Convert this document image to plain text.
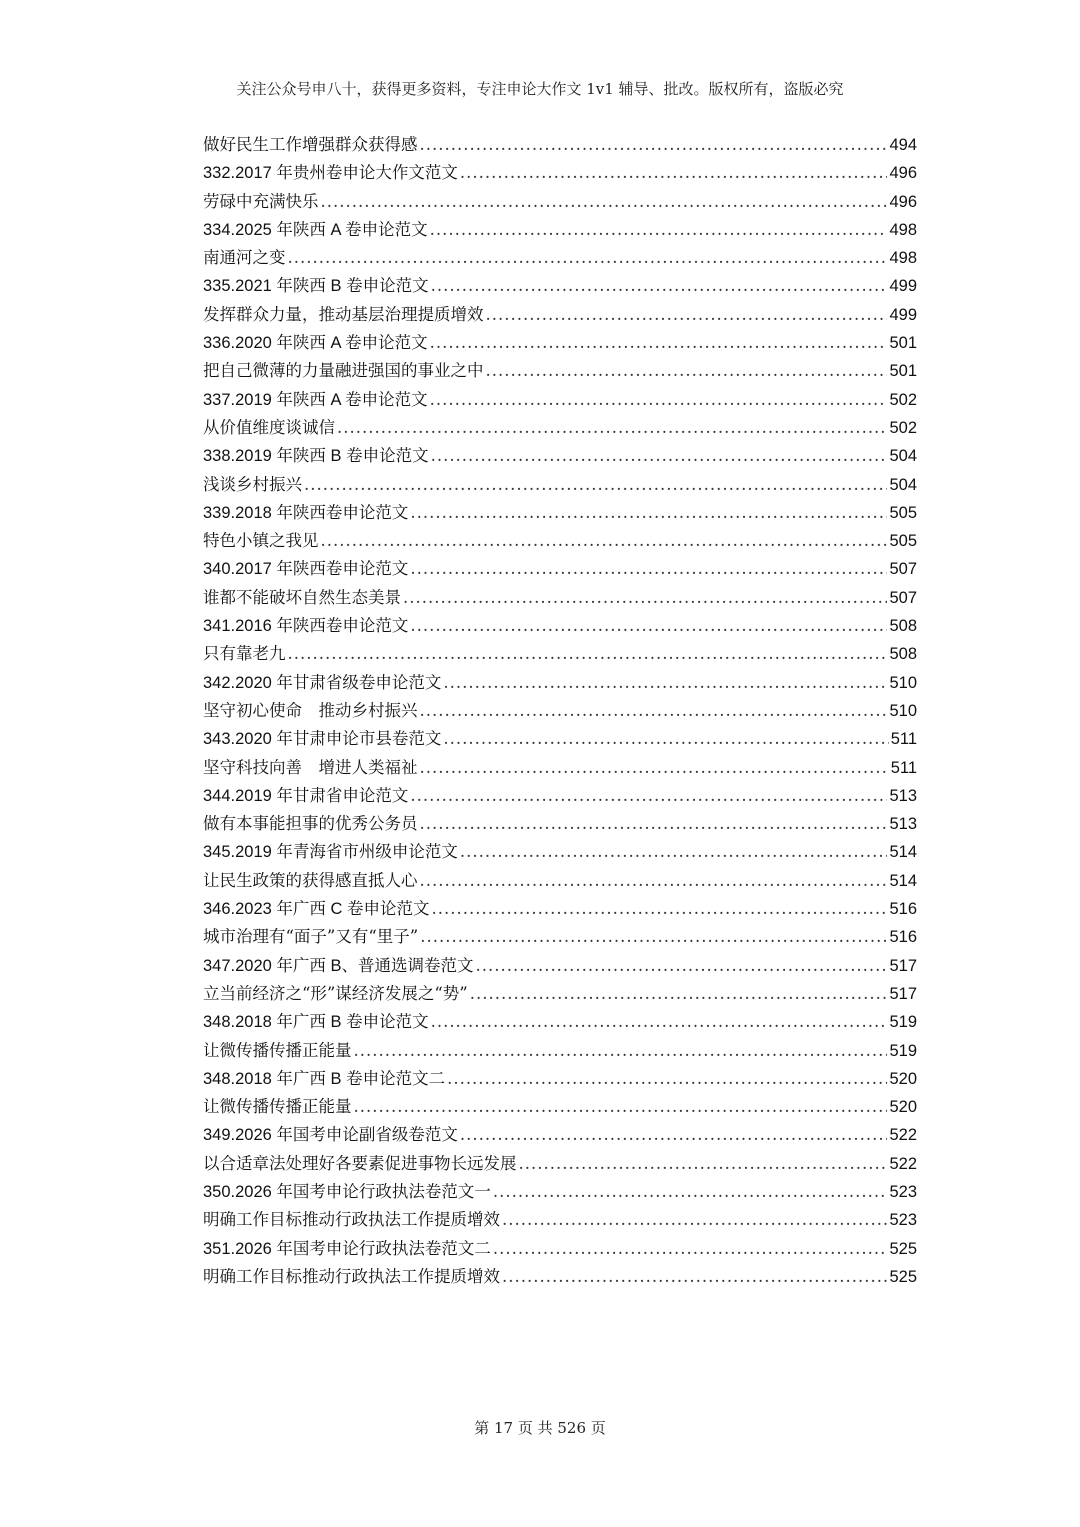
关注公众号申八十，获得更多资料，专注申论大作文 1v1 辅导、批改。版权所有，盗版必究
做好民生工作增强群众获得感 .....	494
332.2017 年贵州卷申论大作文范文 .....	496
劳碌中充满快乐 .....	496
334.2025 年陕西 A 卷申论范文 .....	498
南通河之变 .....	498
335.2021 年陕西 B 卷申论范文 .....	499
发挥群众力量，推动基层治理提质增效 .....	499
336.2020 年陕西 A 卷申论范文 .....	501
把自己微薄的力量融进强国的事业之中 .....	501
337.2019 年陕西 A 卷申论范文 .....	502
从价值维度谈诚信 .....	502
338.2019 年陕西 B 卷申论范文 .....	504
浅谈乡村振兴 .....	504
339.2018 年陕西卷申论范文 .....	505
特色小镇之我见 .....	505
340.2017 年陕西卷申论范文 .....	507
谁都不能破坏自然生态美景 .....	507
341.2016 年陕西卷申论范文 .....	508
只有靠老九 .....	508
342.2020 年甘肃省级卷申论范文 .....	510
坚守初心使命　推动乡村振兴 .....	510
343.2020 年甘肃申论市县卷范文 .....	511
坚守科技向善　增进人类福祉 .....	511
344.2019 年甘肃省申论范文 .....	513
做有本事能担事的优秀公务员 .....	513
345.2019 年青海省市州级申论范文 .....	514
让民生政策的获得感直抵人心 .....	514
346.2023 年广西 C 卷申论范文 .....	516
城市治理有“面子”又有“里子” .....	516
347.2020 年广西 B、普通选调卷范文 .....	517
立当前经济之“形”谋经济发展之“势” .....	517
348.2018 年广西 B 卷申论范文 .....	519
让微传播传播正能量 .....	519
348.2018 年广西 B 卷申论范文二 .....	520
让微传播传播正能量 .....	520
349.2026 年国考申论副省级卷范文 .....	522
以合适章法处理好各要素促进事物长远发展 .....	522
350.2026 年国考申论行政执法卷范文一 .....	523
明确工作目标推动行政执法工作提质增效 .....	523
351.2026 年国考申论行政执法卷范文二 .....	525
明确工作目标推动行政执法工作提质增效 .....	525
第 17 页 共 526 页
